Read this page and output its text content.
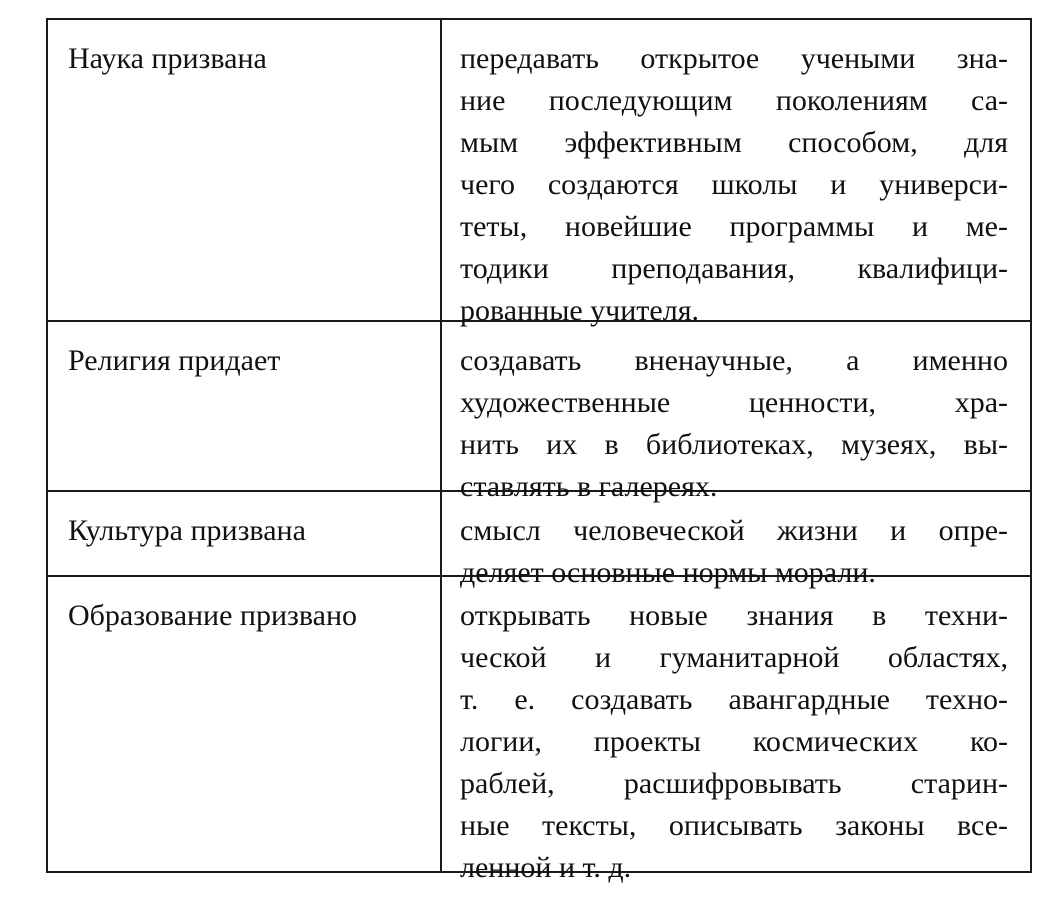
Наука призвана	передавать открытое учеными зна-
ние последующим поколениям са-
мым эффективным способом, для
чего создаются школы и универси-
теты, новейшие программы и ме-
тодики преподавания, квалифици-
рованные учителя.
Религия придает	создавать вненаучные, а именно
художественные ценности, хра-
нить их в библиотеках, музеях, вы-
ставлять в галереях.
Культура призвана	смысл человеческой жизни и опре-
деляет основные нормы морали.
Образование призвано	открывать новые знания в техни-
ческой и гуманитарной областях,
т. е. создавать авангардные техно-
логии, проекты космических ко-
раблей, расшифровывать старин-
ные тексты, описывать законы все-
ленной и т. д.
